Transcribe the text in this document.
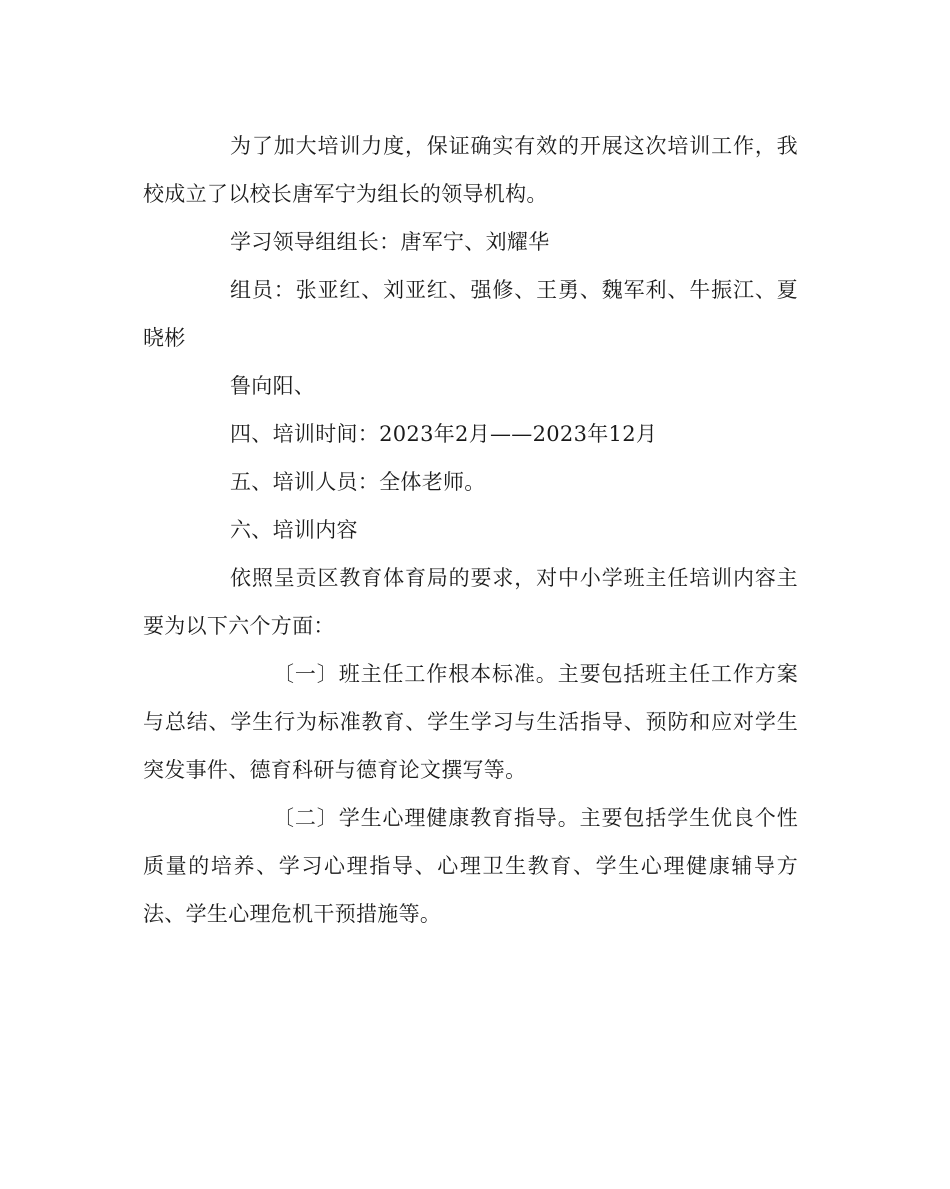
为了加大培训力度，保证确实有效的开展这次培训工作，我校成立了以校长唐军宁为组长的领导机构。

学习领导组组长：唐军宁、刘耀华

组员：张亚红、刘亚红、强修、王勇、魏军利、牛振江、夏晓彬

鲁向阳、

四、培训时间：2023年2月——2023年12月

五、培训人员：全体老师。

六、培训内容

依照呈贡区教育体育局的要求，对中小学班主任培训内容主要为以下六个方面：

〔一〕班主任工作根本标准。主要包括班主任工作方案与总结、学生行为标准教育、学生学习与生活指导、预防和应对学生突发事件、德育科研与德育论文撰写等。

〔二〕学生心理健康教育指导。主要包括学生优良个性质量的培养、学习心理指导、心理卫生教育、学生心理健康辅导方法、学生心理危机干预措施等。
